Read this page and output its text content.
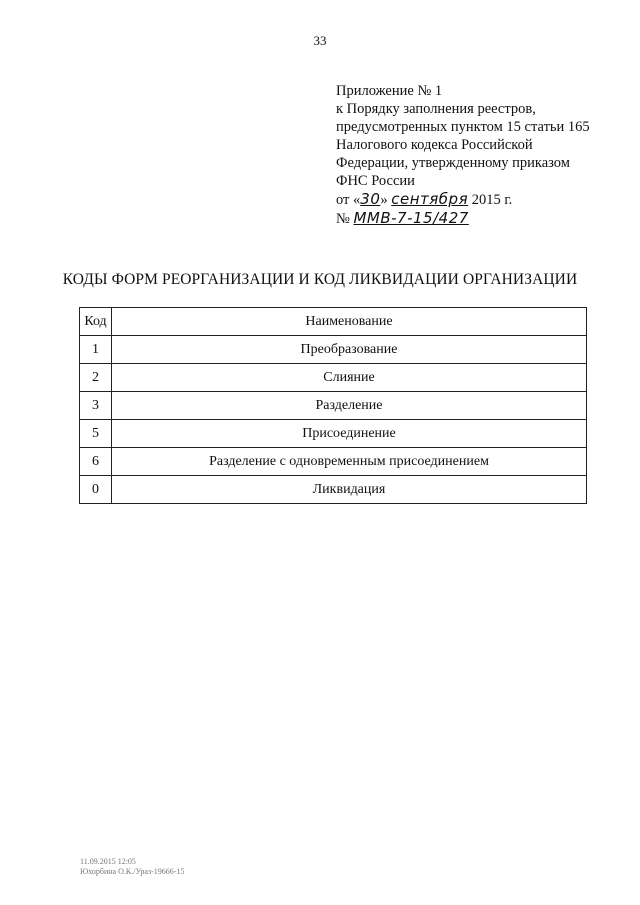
33
Приложение № 1
к Порядку заполнения реестров,
предусмотренных пунктом 15 статьи 165
Налогового кодекса Российской
Федерации, утвержденному приказом
ФНС России
от «30» сентября 2015 г.
№ ММВ-7-15/427
КОДЫ ФОРМ РЕОРГАНИЗАЦИИ И КОД ЛИКВИДАЦИИ ОРГАНИЗАЦИИ
Код	Наименование
1	Преобразование
2	Слияние
3	Разделение
5	Присоединение
6	Разделение с одновременным присоединением
0	Ликвидация
11.09.2015 12:05
Юхорбина О.К./Ураз-19666-15
